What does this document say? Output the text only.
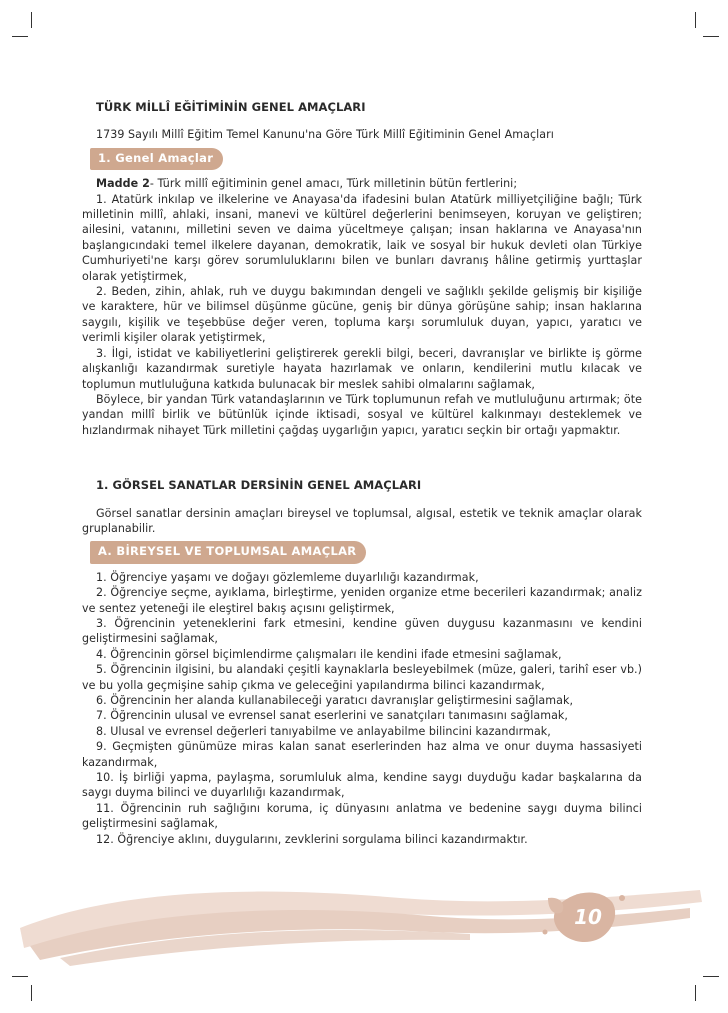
TÜRK MİLLÎ EĞİTİMİNİN GENEL AMAÇLARI

1739 Sayılı Millî Eğitim Temel Kanunu'na Göre Türk Millî Eğitiminin Genel Amaçları

1. Genel Amaçlar

Madde 2- Türk millî eğitiminin genel amacı, Türk milletinin bütün fertlerini;

1. Atatürk inkılap ve ilkelerine ve Anayasa'da ifadesini bulan Atatürk milliyetçiliğine bağlı; Türk milletinin millî, ahlaki, insani, manevi ve kültürel değerlerini benimseyen, koruyan ve geliştiren; ailesini, vatanını, milletini seven ve daima yüceltmeye çalışan; insan haklarına ve Anayasa'nın başlangıcındaki temel ilkelere dayanan, demokratik, laik ve sosyal bir hukuk devleti olan Türkiye Cumhuriyeti'ne karşı görev sorumluluklarını bilen ve bunları davranış hâline getirmiş yurttaşlar olarak yetiştirmek,

2. Beden, zihin, ahlak, ruh ve duygu bakımından dengeli ve sağlıklı şekilde gelişmiş bir kişiliğe ve karaktere, hür ve bilimsel düşünme gücüne, geniş bir dünya görüşüne sahip; insan haklarına saygılı, kişilik ve teşebbüse değer veren, topluma karşı sorumluluk duyan, yapıcı, yaratıcı ve verimli kişiler olarak yetiştirmek,

3. İlgi, istidat ve kabiliyetlerini geliştirerek gerekli bilgi, beceri, davranışlar ve birlikte iş görme alışkanlığı kazandırmak suretiyle hayata hazırlamak ve onların, kendilerini mutlu kılacak ve toplumun mutluluğuna katkıda bulunacak bir meslek sahibi olmalarını sağlamak,

Böylece, bir yandan Türk vatandaşlarının ve Türk toplumunun refah ve mutluluğunu artırmak; öte yandan millî birlik ve bütünlük içinde iktisadi, sosyal ve kültürel kalkınmayı desteklemek ve hızlandırmak nihayet Türk milletini çağdaş uygarlığın yapıcı, yaratıcı seçkin bir ortağı yapmaktır.

1. GÖRSEL SANATLAR DERSİNİN GENEL AMAÇLARI

Görsel sanatlar dersinin amaçları bireysel ve toplumsal, algısal, estetik ve teknik amaçlar olarak gruplanabilir.

A. BİREYSEL VE TOPLUMSAL AMAÇLAR

1. Öğrenciye yaşamı ve doğayı gözlemleme duyarlılığı kazandırmak,

2. Öğrenciye seçme, ayıklama, birleştirme, yeniden organize etme becerileri kazandırmak; analiz ve sentez yeteneği ile eleştirel bakış açısını geliştirmek,

3. Öğrencinin yeteneklerini fark etmesini, kendine güven duygusu kazanmasını ve kendini geliştirmesini sağlamak,

4. Öğrencinin görsel biçimlendirme çalışmaları ile kendini ifade etmesini sağlamak,

5. Öğrencinin ilgisini, bu alandaki çeşitli kaynaklarla besleyebilmek (müze, galeri, tarihî eser vb.) ve bu yolla geçmişine sahip çıkma ve geleceğini yapılandırma bilinci kazandırmak,

6. Öğrencinin her alanda kullanabileceği yaratıcı davranışlar geliştirmesini sağlamak,

7. Öğrencinin ulusal ve evrensel sanat eserlerini ve sanatçıları tanımasını sağlamak,

8. Ulusal ve evrensel değerleri tanıyabilme ve anlayabilme bilincini kazandırmak,

9. Geçmişten günümüze miras kalan sanat eserlerinden haz alma ve onur duyma hassasiyeti kazandırmak,

10. İş birliği yapma, paylaşma, sorumluluk alma, kendine saygı duyduğu kadar başkalarına da saygı duyma bilinci ve duyarlılığı kazandırmak,

11. Öğrencinin ruh sağlığını koruma, iç dünyasını anlatma ve bedenine saygı duyma bilinci geliştirmesini sağlamak,

12. Öğrenciye aklını, duygularını, zevklerini sorgulama bilinci kazandırmaktır.

10
